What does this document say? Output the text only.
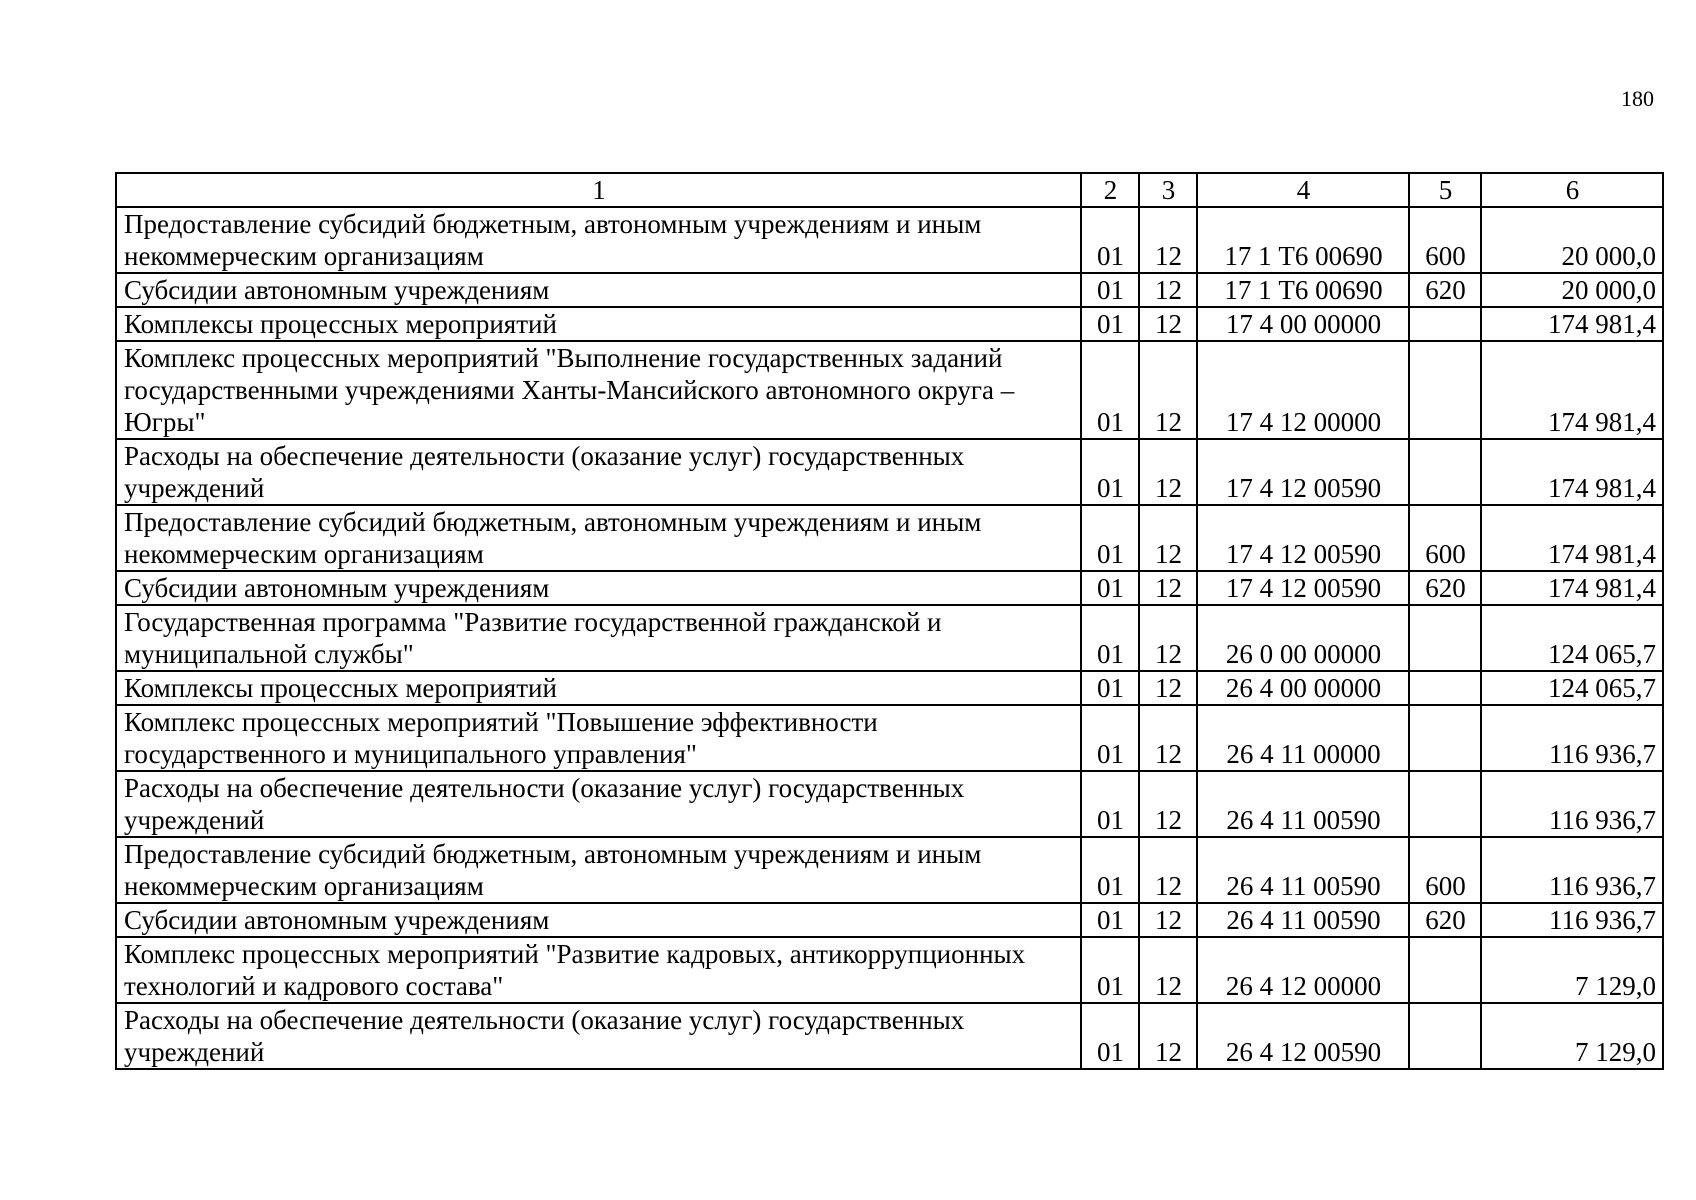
180
1	2	3	4	5	6
Предоставление субсидий бюджетным, автономным учреждениям и иным некоммерческим организациям	01	12	17 1 Т6 00690	600	20 000,0
Субсидии автономным учреждениям	01	12	17 1 Т6 00690	620	20 000,0
Комплексы процессных мероприятий	01	12	17 4 00 00000		174 981,4
Комплекс процессных мероприятий "Выполнение государственных заданий государственными учреждениями Ханты-Мансийского автономного округа – Югры"	01	12	17 4 12 00000		174 981,4
Расходы на обеспечение деятельности (оказание услуг) государственных учреждений	01	12	17 4 12 00590		174 981,4
Предоставление субсидий бюджетным, автономным учреждениям и иным некоммерческим организациям	01	12	17 4 12 00590	600	174 981,4
Субсидии автономным учреждениям	01	12	17 4 12 00590	620	174 981,4
Государственная программа "Развитие государственной гражданской и муниципальной службы"	01	12	26 0 00 00000		124 065,7
Комплексы процессных мероприятий	01	12	26 4 00 00000		124 065,7
Комплекс процессных мероприятий "Повышение эффективности государственного и муниципального управления"	01	12	26 4 11 00000		116 936,7
Расходы на обеспечение деятельности (оказание услуг) государственных учреждений	01	12	26 4 11 00590		116 936,7
Предоставление субсидий бюджетным, автономным учреждениям и иным некоммерческим организациям	01	12	26 4 11 00590	600	116 936,7
Субсидии автономным учреждениям	01	12	26 4 11 00590	620	116 936,7
Комплекс процессных мероприятий "Развитие кадровых, антикоррупционных технологий и кадрового состава"	01	12	26 4 12 00000		7 129,0
Расходы на обеспечение деятельности (оказание услуг) государственных учреждений	01	12	26 4 12 00590		7 129,0
